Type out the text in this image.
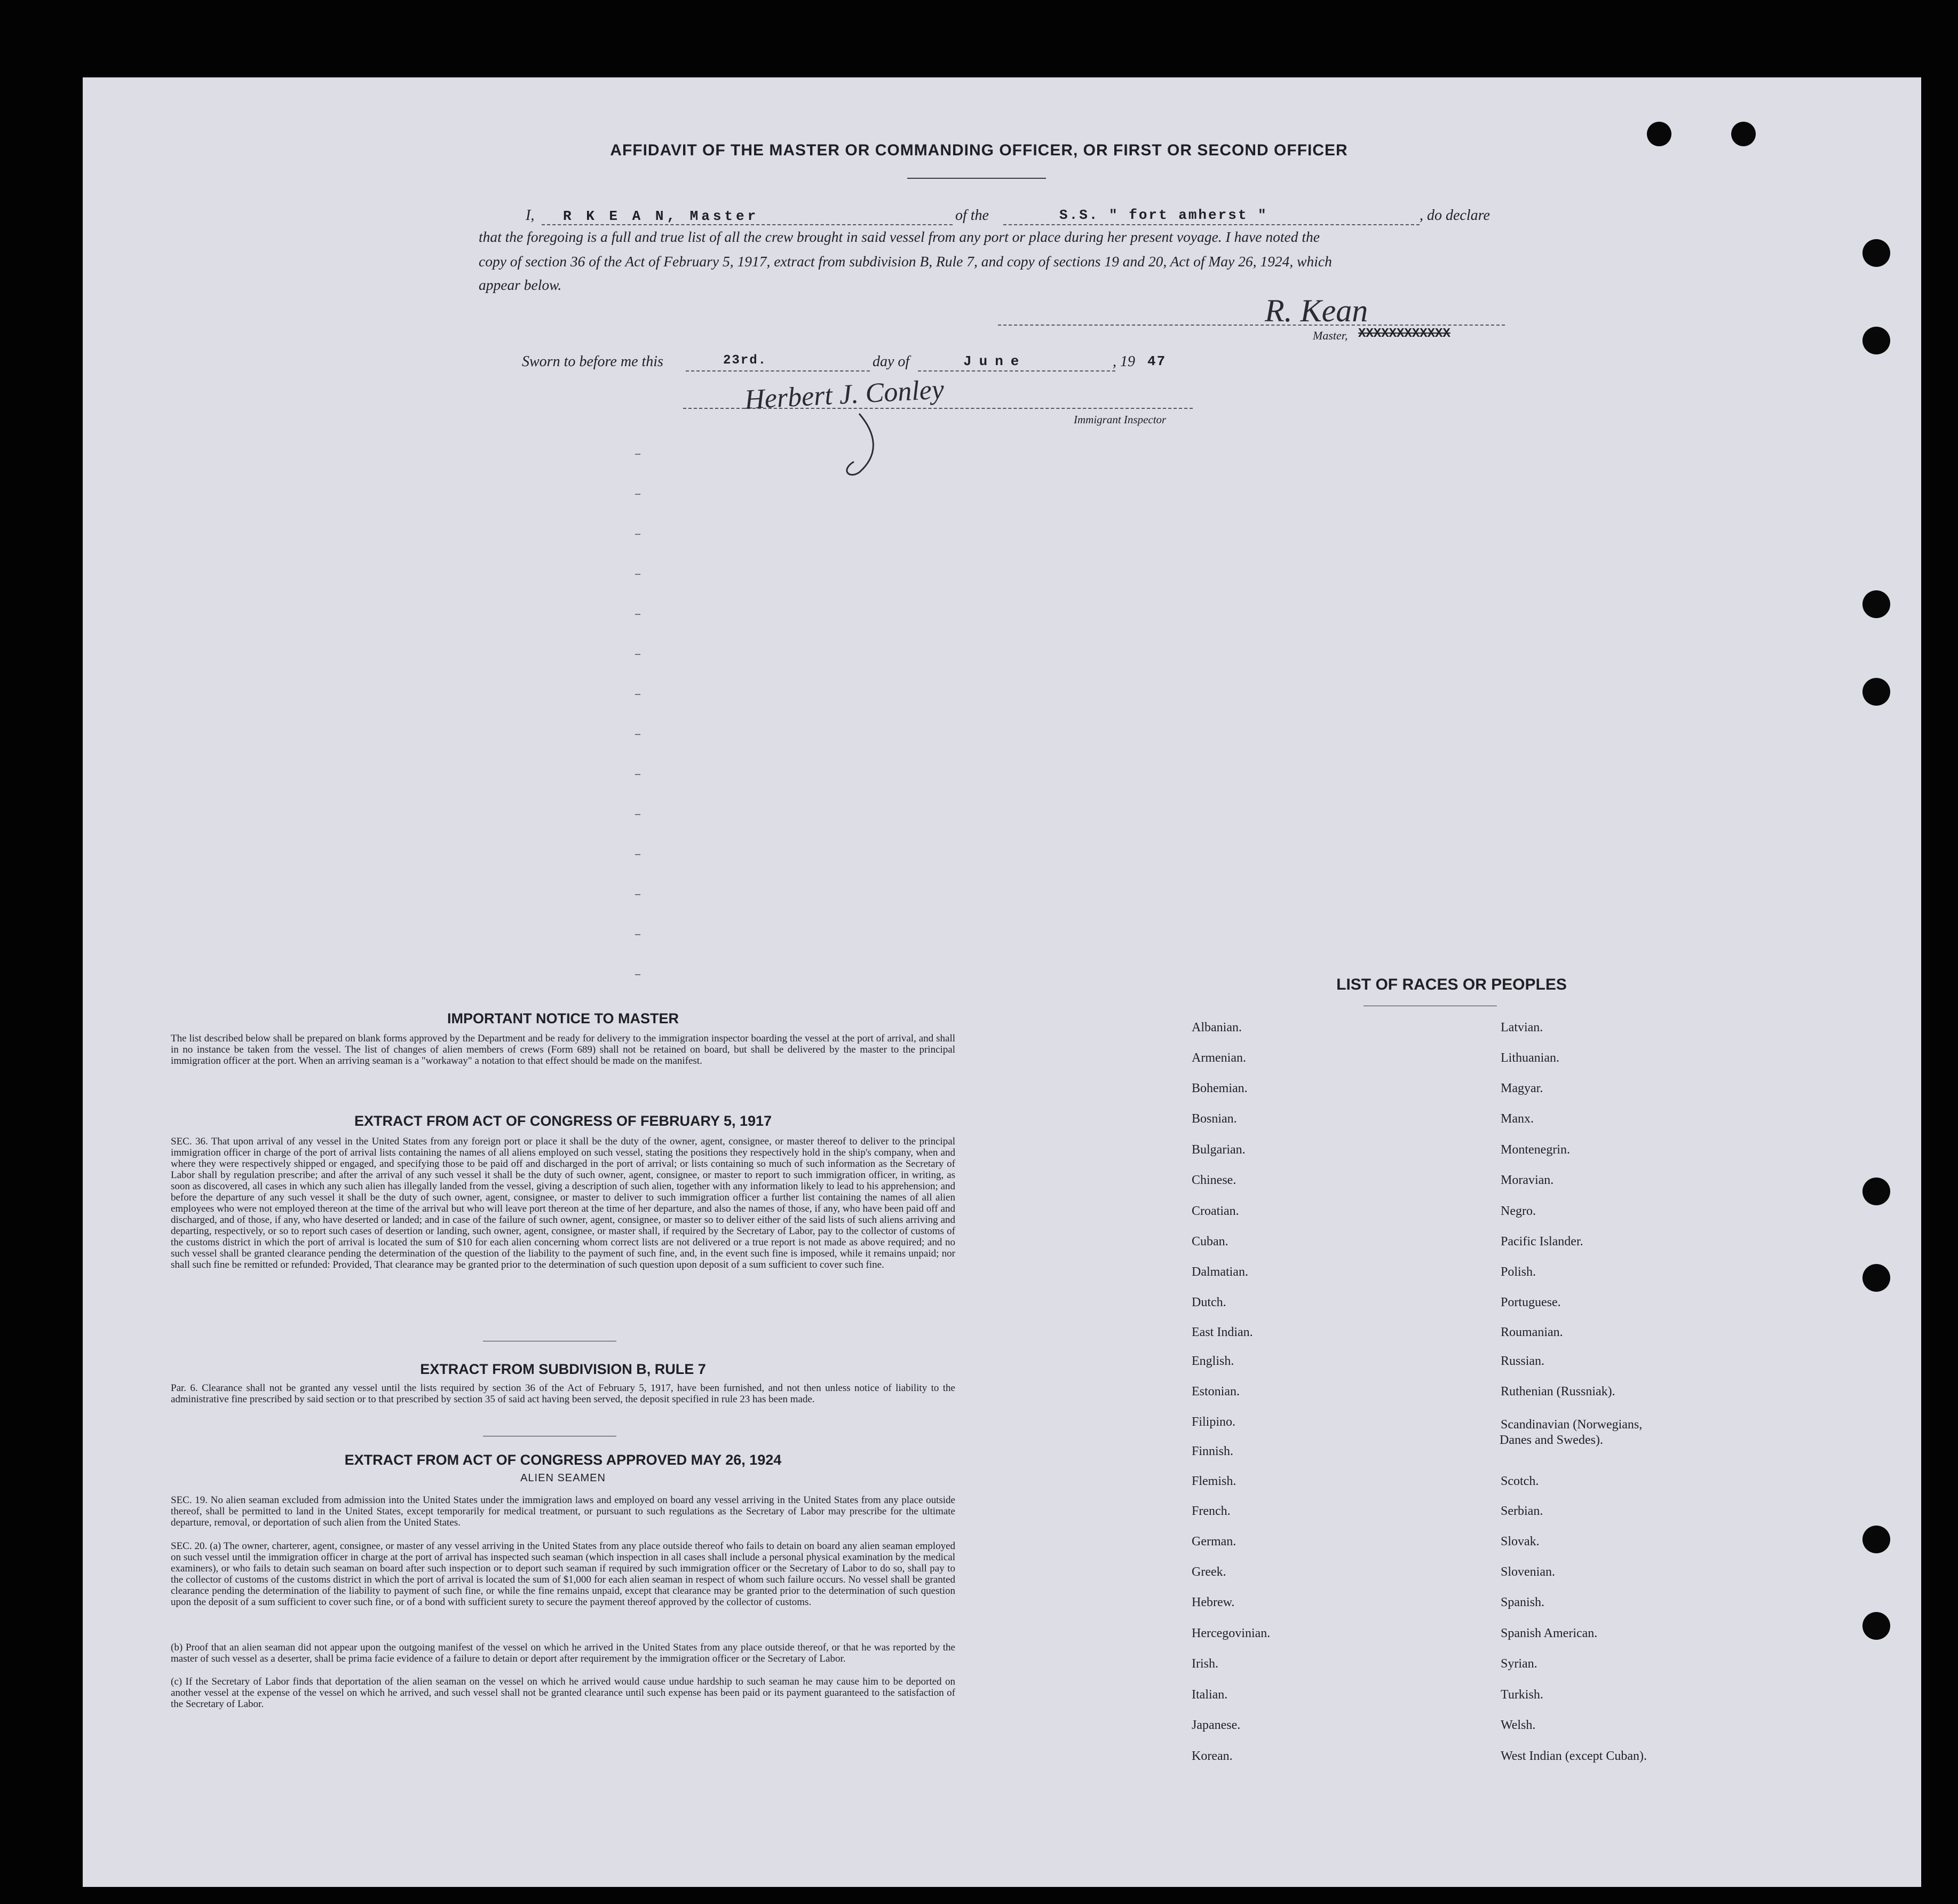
AFFIDAVIT OF THE MASTER OR COMMANDING OFFICER, OR FIRST OR SECOND OFFICER
I, R K E A N, Master	of the	S.S. " fort amherst "	, do declare
that the foregoing is a full and true list of all the crew brought in said vessel from any port or place during her present voyage. I have noted the
copy of section 36 of the Act of February 5, 1917, extract from subdivision B, Rule 7, and copy of sections 19 and 20, Act of May 26, 1924, which
appear below.
R. Kean
Master, XXXXXXXXXXXX
Sworn to before me this	23rd.	day of	June	, 19 47
Herbert J. Conley
Immigrant Inspector
IMPORTANT NOTICE TO MASTER
The list described below shall be prepared on blank forms approved by the Department and be ready for delivery to the immigration inspector boarding the vessel at the port of arrival, and shall in no instance be taken from the vessel. The list of changes of alien members of crews (Form 689) shall not be retained on board, but shall be delivered by the master to the principal immigration officer at the port. When an arriving seaman is a "workaway" a notation to that effect should be made on the manifest.
EXTRACT FROM ACT OF CONGRESS OF FEBRUARY 5, 1917
SEC. 36. That upon arrival of any vessel in the United States from any foreign port or place it shall be the duty of the owner, agent, consignee, or master thereof to deliver to the principal immigration officer in charge of the port of arrival lists containing the names of all aliens employed on such vessel, stating the positions they respectively hold in the ship's company, when and where they were respectively shipped or engaged, and specifying those to be paid off and discharged in the port of arrival; or lists containing so much of such information as the Secretary of Labor shall by regulation prescribe; and after the arrival of any such vessel it shall be the duty of such owner, agent, consignee, or master to report to such immigration officer, in writing, as soon as discovered, all cases in which any such alien has illegally landed from the vessel, giving a description of such alien, together with any information likely to lead to his apprehension; and before the departure of any such vessel it shall be the duty of such owner, agent, consignee, or master to deliver to such immigration officer a further list containing the names of all alien employees who were not employed thereon at the time of the arrival but who will leave port thereon at the time of her departure, and also the names of those, if any, who have been paid off and discharged, and of those, if any, who have deserted or landed; and in case of the failure of such owner, agent, consignee, or master so to deliver either of the said lists of such aliens arriving and departing, respectively, or so to report such cases of desertion or landing, such owner, agent, consignee, or master shall, if required by the Secretary of Labor, pay to the collector of customs of the customs district in which the port of arrival is located the sum of $10 for each alien concerning whom correct lists are not delivered or a true report is not made as above required; and no such vessel shall be granted clearance pending the determination of the question of the liability to the payment of such fine, and, in the event such fine is imposed, while it remains unpaid; nor shall such fine be remitted or refunded: Provided, That clearance may be granted prior to the determination of such question upon deposit of a sum sufficient to cover such fine.
EXTRACT FROM SUBDIVISION B, RULE 7
Par. 6. Clearance shall not be granted any vessel until the lists required by section 36 of the Act of February 5, 1917, have been furnished, and not then unless notice of liability to the administrative fine prescribed by said section or to that prescribed by section 35 of said act having been served, the deposit specified in rule 23 has been made.
EXTRACT FROM ACT OF CONGRESS APPROVED MAY 26, 1924
ALIEN SEAMEN
SEC. 19. No alien seaman excluded from admission into the United States under the immigration laws and employed on board any vessel arriving in the United States from any place outside thereof, shall be permitted to land in the United States, except temporarily for medical treatment, or pursuant to such regulations as the Secretary of Labor may prescribe for the ultimate departure, removal, or deportation of such alien from the United States.
SEC. 20. (a) The owner, charterer, agent, consignee, or master of any vessel arriving in the United States from any place outside thereof who fails to detain on board any alien seaman employed on such vessel until the immigration officer in charge at the port of arrival has inspected such seaman (which inspection in all cases shall include a personal physical examination by the medical examiners), or who fails to detain such seaman on board after such inspection or to deport such seaman if required by such immigration officer or the Secretary of Labor to do so, shall pay to the collector of customs of the customs district in which the port of arrival is located the sum of $1,000 for each alien seaman in respect of whom such failure occurs. No vessel shall be granted clearance pending the determination of the liability to payment of such fine, or while the fine remains unpaid, except that clearance may be granted prior to the determination of such question upon the deposit of a sum sufficient to cover such fine, or of a bond with sufficient surety to secure the payment thereof approved by the collector of customs.
(b) Proof that an alien seaman did not appear upon the outgoing manifest of the vessel on which he arrived in the United States from any place outside thereof, or that he was reported by the master of such vessel as a deserter, shall be prima facie evidence of a failure to detain or deport after requirement by the immigration officer or the Secretary of Labor.
(c) If the Secretary of Labor finds that deportation of the alien seaman on the vessel on which he arrived would cause undue hardship to such seaman he may cause him to be deported on another vessel at the expense of the vessel on which he arrived, and such vessel shall not be granted clearance until such expense has been paid or its payment guaranteed to the satisfaction of the Secretary of Labor.
LIST OF RACES OR PEOPLES
Albanian.
Armenian.
Bohemian.
Bosnian.
Bulgarian.
Chinese.
Croatian.
Cuban.
Dalmatian.
Dutch.
East Indian.
English.
Estonian.
Filipino.
Finnish.
Flemish.
French.
German.
Greek.
Hebrew.
Hercegovinian.
Irish.
Italian.
Japanese.
Korean.
Latvian.
Lithuanian.
Magyar.
Manx.
Montenegrin.
Moravian.
Negro.
Pacific Islander.
Polish.
Portuguese.
Roumanian.
Russian.
Ruthenian (Russniak).
Scandinavian (Norwegians,
Danes and Swedes).
Scotch.
Serbian.
Slovak.
Slovenian.
Spanish.
Spanish American.
Syrian.
Turkish.
Welsh.
West Indian (except Cuban).
